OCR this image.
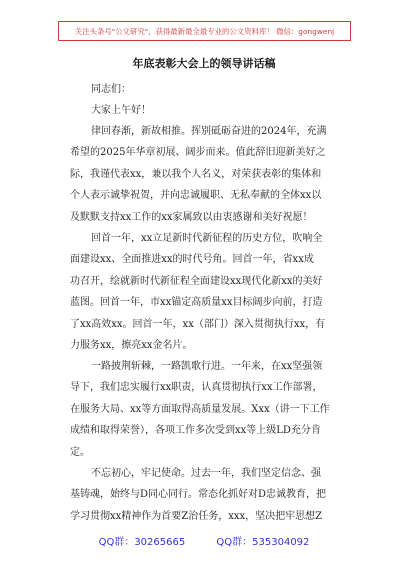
关注头条号"公文研究"，获得最新最全最专业的公文资料库！ 微信：gongwenj
年底表彰大会上的领导讲话稿
同志们：
大家上午好！
律回春渐，新故相推。挥别砥砺奋进的2024年，充满
希望的2025年华章初展、阔步而来。值此辞旧迎新美好之
际，我谨代表xx，兼以我个人名义，对荣获表彰的集体和
个人表示诚挚祝贺，并向忠诚履职、无私奉献的全体xx以
及默默支持xx工作的xx家属致以由衷感谢和美好祝愿！
回首一年，xx立足新时代新征程的历史方位，吹响全
面建设xx、全面推进xx的时代号角。回首一年，省xx成
功召开，绘就新时代新征程全面建设xx现代化新xx的美好
蓝图。回首一年，市xx锚定高质量xx目标阔步向前，打造
了xx高效xx。回首一年，xx（部门）深入贯彻执行xx，有
力服务xx，擦亮xx金名片。
一路披荆斩棘，一路凯歌行进。一年来，在xx坚强领
导下，我们忠实履行xx职责，认真贯彻执行xx工作部署，
在服务大局、xx等方面取得高质量发展。Xxx（讲一下工作
成绩和取得荣誉），各项工作多次受到xx等上级LD充分肯
定。
不忘初心，牢记使命。过去一年，我们坚定信念、强
基铸魂，始终与D同心同行。常态化抓好对D忠诚教育，把
学习贯彻xx精神作为首要Z治任务，xxx，坚决把牢思想Z
QQ群：30265665	QQ群：535304092
